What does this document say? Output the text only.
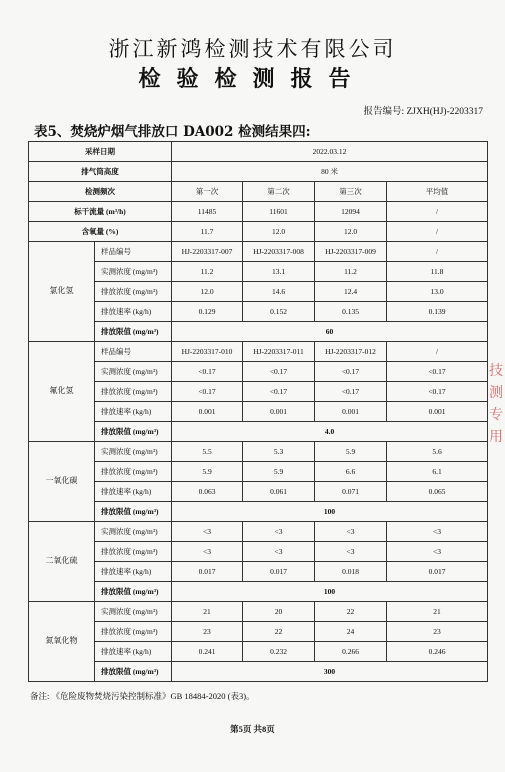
浙江新鸿检测技术有限公司
检验检测报告
报告编号: ZJXH(HJ)-2203317
表5、焚烧炉烟气排放口 DA002 检测结果四:
采样日期		2022.03.12			
排气筒高度		80 米			
检测频次		第一次	第二次	第三次	平均值
标干流量 (m³/h)		11485	11601	12094	/
含氧量 (%)		11.7	12.0	12.0	/
氯化氢	样品编号	HJ-2203317-007	HJ-2203317-008	HJ-2203317-009	/
	实测浓度 (mg/m³)	11.2	13.1	11.2	11.8
	排放浓度 (mg/m³)	12.0	14.6	12.4	13.0
	排放速率 (kg/h)	0.129	0.152	0.135	0.139
	排放限值 (mg/m³)	60			
氟化氢	样品编号	HJ-2203317-010	HJ-2203317-011	HJ-2203317-012	/
	实测浓度 (mg/m³)	<0.17	<0.17	<0.17	<0.17
	排放浓度 (mg/m³)	<0.17	<0.17	<0.17	<0.17
	排放速率 (kg/h)	0.001	0.001	0.001	0.001
	排放限值 (mg/m³)	4.0			
一氧化碳	实测浓度 (mg/m³)	5.5	5.3	5.9	5.6
	排放浓度 (mg/m³)	5.9	5.9	6.6	6.1
	排放速率 (kg/h)	0.063	0.061	0.071	0.065
	排放限值 (mg/m³)	100			
二氧化硫	实测浓度 (mg/m³)	<3	<3	<3	<3
	排放浓度 (mg/m³)	<3	<3	<3	<3
	排放速率 (kg/h)	0.017	0.017	0.018	0.017
	排放限值 (mg/m³)	100			
氮氧化物	实测浓度 (mg/m³)	21	20	22	21
	排放浓度 (mg/m³)	23	22	24	23
	排放速率 (kg/h)	0.241	0.232	0.266	0.246
	排放限值 (mg/m³)	300			
备注: 《危险废物焚烧污染控制标准》GB 18484-2020 (表3)。
第5页 共8页
技
测
专
用
